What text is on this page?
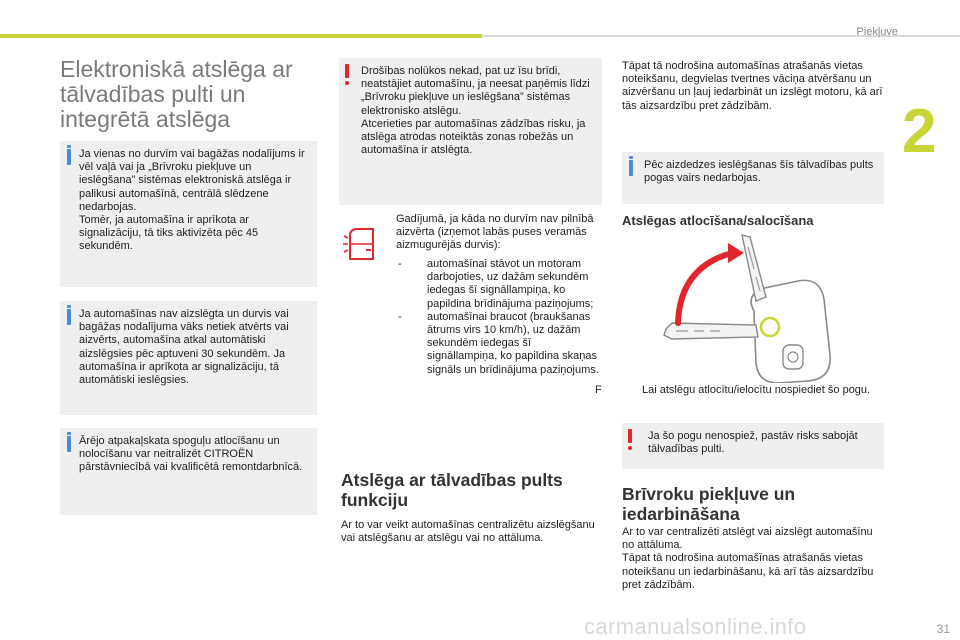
Piekļuve
2
Elektroniskā atslēga ar tālvadības pulti un integrētā atslēga

Ja vienas no durvīm vai bagāžas nodalījums ir vēl vaļā vai ja „Brīvroku piekļuve un ieslēgšana” sistēmas elektroniskā atslēga ir palikusi automašīnā, centrālā slēdzene nedarbojas.
Tomēr, ja automašīna ir aprīkota ar signalizāciju, tā tiks aktivizēta pēc 45 sekundēm.

Ja automašīnas nav aizslēgta un durvis vai bagāžas nodalījuma vāks netiek atvērts vai aizvērts, automašīna atkal automātiski aizslēgsies pēc aptuveni 30 sekundēm. Ja automašīna ir aprīkota ar signalizāciju, tā automātiski ieslēgsies.

Ārējo atpakaļskata spoguļu atlocīšanu un nolocīšanu var neitralizēt CITROËN pārstāvniecībā vai kvalificētā remontdarbnīcā.

Drošības nolūkos nekad, pat uz īsu brīdi, neatstājiet automašīnu, ja neesat paņēmis līdzi „Brīvroku piekļuve un ieslēgšana” sistēmas elektronisko atslēgu.
Atcerieties par automašīnas zādzības risku, ja atslēga atrodas noteiktās zonas robežās un automašīna ir atslēgta.

Gadījumā, ja kāda no durvīm nav pilnībā aizvērta (izņemot labās puses veramās aizmugurējās durvis):

- automašīnai stāvot un motoram darbojoties, uz dažām sekundēm iedegas šī signāllampiņa, ko papildina brīdinājuma paziņojums;
- automašīnai braucot (braukšanas ātrums virs 10 km/h), uz dažām sekundēm iedegas šī signāllampiņa, ko papildina skaņas signāls un brīdinājuma paziņojums.
Atslēga ar tālvadības pults funkciju

Ar to var veikt automašīnas centralizētu aizslēgšanu vai atslēgšanu ar atslēgu vai no attāluma.

Tāpat tā nodrošina automašīnas atrašanās vietas noteikšanu, degvielas tvertnes vāciņa atvēršanu un aizvēršanu un ļauj iedarbināt un izslēgt motoru, kā arī tās aizsardzību pret zādzībām.

Pēc aizdedzes ieslēgšanas šīs tālvadības pults pogas vairs nedarbojas.

Atslēgas atlocīšana/salocīšana
F	Lai atslēgu atlocītu/ielocītu nospiediet šo pogu.

Ja šo pogu nenospiež, pastāv risks sabojāt tālvadības pulti.

Brīvroku piekļuve un iedarbināšana

Ar to var centralizēti atslēgt vai aizslēgt automašīnu no attāluma.
Tāpat tā nodrošina automašīnas atrašanās vietas noteikšanu un iedarbināšanu, kā arī tās aizsardzību pret zādzībām.

carmanualsonline.info	31
